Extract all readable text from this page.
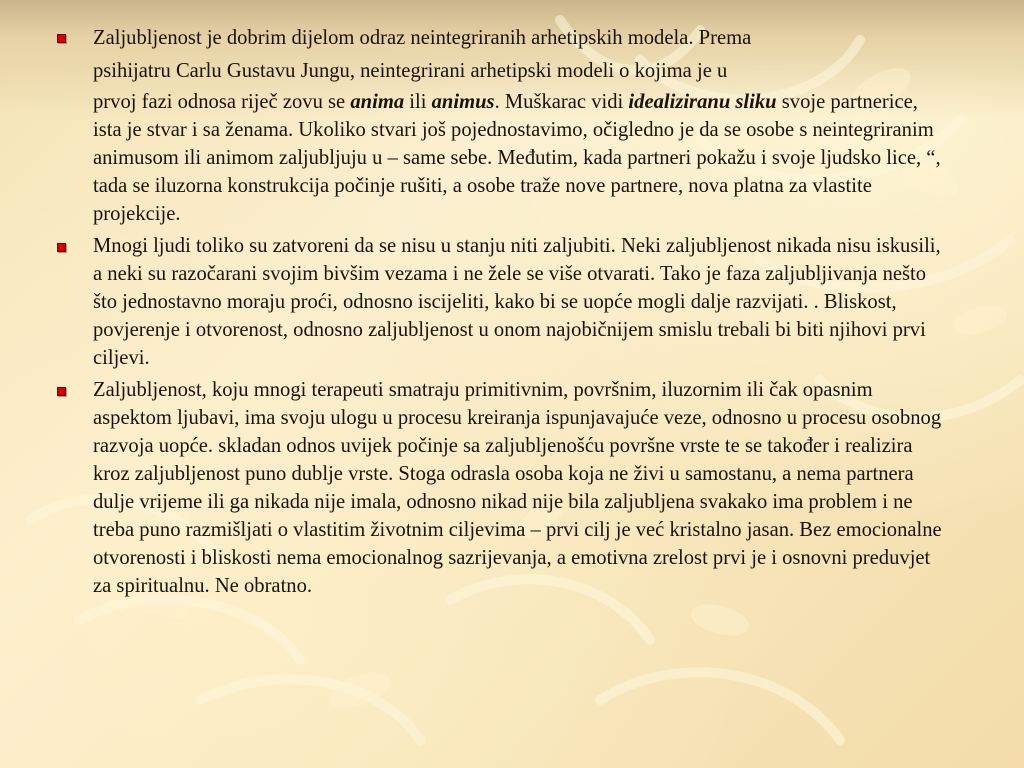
Zaljubljenost je dobrim dijelom odraz neintegriranih arhetipskih modela. Prema
psihijatru Carlu Gustavu Jungu, neintegrirani arhetipski modeli o kojima je u
prvoj fazi odnosa riječ zovu se anima ili animus. Muškarac vidi idealiziranu sliku svoje partnerice, ista je stvar i sa ženama. Ukoliko stvari još pojednostavimo, očigledno je da se osobe s neintegriranim animusom ili animom zaljubljuju u – same sebe. Međutim, kada partneri pokažu i svoje ljudsko lice, “, tada se iluzorna konstrukcija počinje rušiti, a osobe traže nove partnere, nova platna za vlastite projekcije.
Mnogi ljudi toliko su zatvoreni da se nisu u stanju niti zaljubiti. Neki zaljubljenost nikada nisu iskusili, a neki su razočarani svojim bivšim vezama i ne žele se više otvarati. Tako je faza zaljubljivanja nešto što jednostavno moraju proći, odnosno iscijeliti, kako bi se uopće mogli dalje razvijati. . Bliskost, povjerenje i otvorenost, odnosno zaljubljenost u onom najobičnijem smislu trebali bi biti njihovi prvi ciljevi.
Zaljubljenost, koju mnogi terapeuti smatraju primitivnim, površnim, iluzornim ili čak opasnim aspektom ljubavi, ima svoju ulogu u procesu kreiranja ispunjavajuće veze, odnosno u procesu osobnog razvoja uopće. skladan odnos uvijek počinje sa zaljubljenošću površne vrste te se također i realizira kroz zaljubljenost puno dublje vrste. Stoga odrasla osoba koja ne živi u samostanu, a nema partnera dulje vrijeme ili ga nikada nije imala, odnosno nikad nije bila zaljubljena svakako ima problem i ne treba puno razmišljati o vlastitim životnim ciljevima – prvi cilj je već kristalno jasan. Bez emocionalne otvorenosti i bliskosti nema emocionalnog sazrijevanja, a emotivna zrelost prvi je i osnovni preduvjet za spiritualnu. Ne obratno.
